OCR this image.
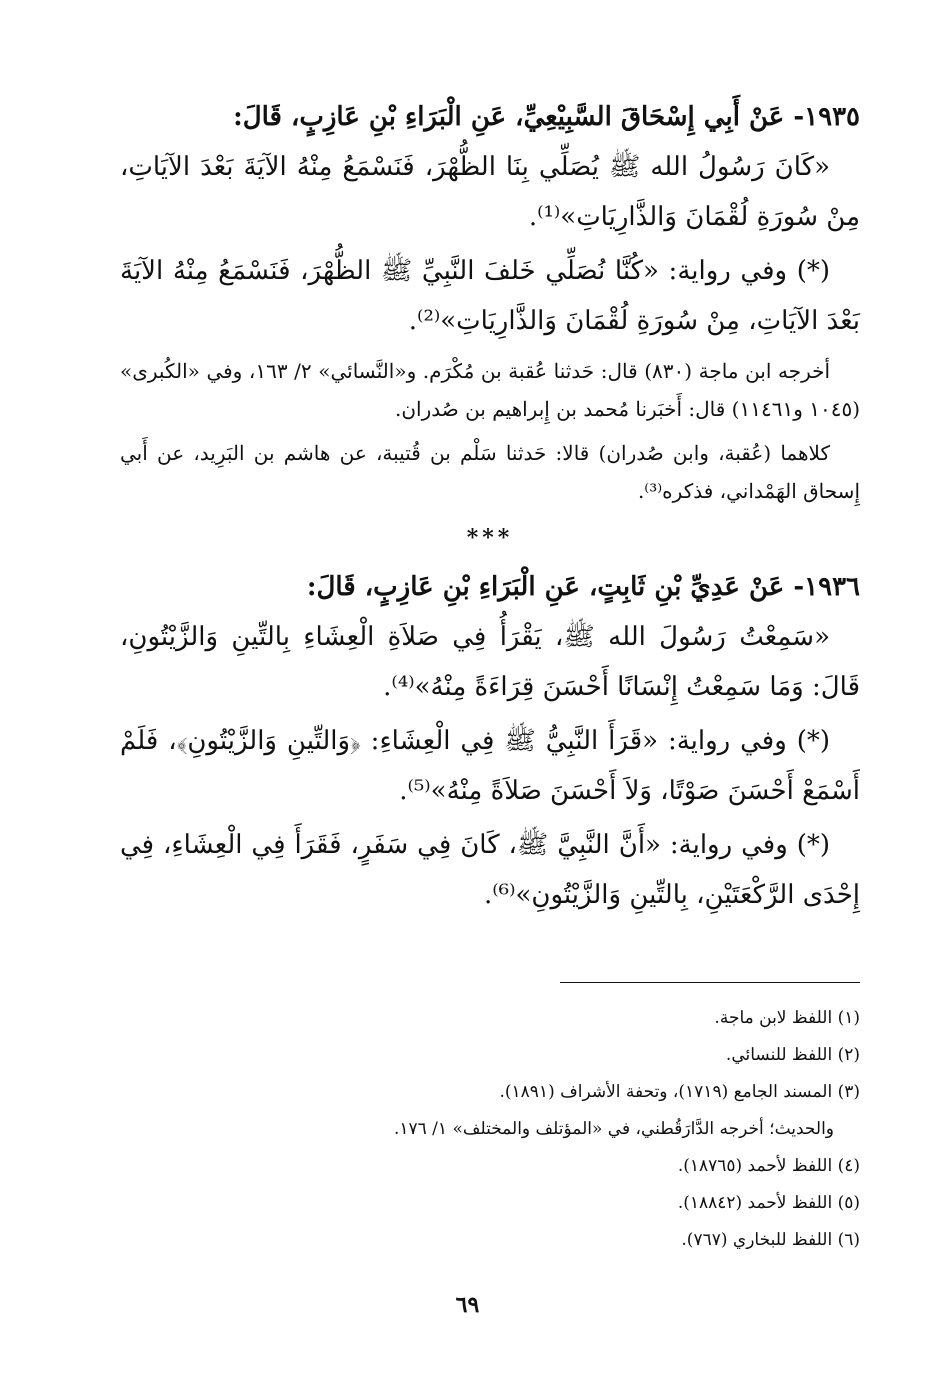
١٩٣٥- عَنْ أَبِي إِسْحَاقَ السَّبِيْعِيِّ، عَنِ الْبَرَاءِ بْنِ عَازِبٍ، قَالَ:

«كَانَ رَسُولُ الله ﷺ يُصَلِّي بِنَا الظُّهْرَ، فَنَسْمَعُ مِنْهُ الآيَةَ بَعْدَ الآيَاتِ، مِنْ سُورَةِ لُقْمَانَ وَالذَّارِيَاتِ»⁽¹⁾.

(*) وفي رواية: «كُنَّا نُصَلِّي خَلفَ النَّبِيِّ ﷺ الظُّهْرَ، فَنَسْمَعُ مِنْهُ الآيَةَ بَعْدَ الآيَاتِ، مِنْ سُورَةِ لُقْمَانَ وَالذَّارِيَاتِ»⁽²⁾.

أخرجه ابن ماجة (٨٣٠) قال: حَدثنا عُقبة بن مُكْرَم. و«النَّسائي» ٢/ ١٦٣، وفي «الكُبرى» (١٠٤٥ و١١٤٦١) قال: أَخبَرنا مُحمد بن إِبراهيم بن صُدران.

كلاهما (عُقبة، وابن صُدران) قالا: حَدثنا سَلْم بن قُتيبة، عن هاشم بن البَرِيد، عن أَبي إِسحاق الهَمْداني، فذكره⁽³⁾.

***

١٩٣٦- عَنْ عَدِيِّ بْنِ ثَابِتٍ، عَنِ الْبَرَاءِ بْنِ عَازِبٍ، قَالَ:

«سَمِعْتُ رَسُولَ الله ﷺ، يَقْرَأُ فِي صَلاَةِ الْعِشَاءِ بِالتِّينِ وَالزَّيْتُونِ، قَالَ: وَمَا سَمِعْتُ إِنْسَانًا أَحْسَنَ قِرَاءَةً مِنْهُ»⁽⁴⁾.

(*) وفي رواية: «قَرَأَ النَّبِيُّ ﷺ فِي الْعِشَاءِ: ﴿وَالتِّينِ وَالزَّيْتُونِ﴾، فَلَمْ أَسْمَعْ أَحْسَنَ صَوْتًا، وَلاَ أَحْسَنَ صَلاَةً مِنْهُ»⁽⁵⁾.

(*) وفي رواية: «أَنَّ النَّبِيَّ ﷺ، كَانَ فِي سَفَرٍ، فَقَرَأَ فِي الْعِشَاءِ، فِي إِحْدَى الرَّكْعَتَيْنِ، بِالتِّينِ وَالزَّيْتُونِ»⁽⁶⁾.

(١) اللفظ لابن ماجة.

(٢) اللفظ للنسائي.

(٣) المسند الجامع (١٧١٩)، وتحفة الأشراف (١٨٩١).

والحديث؛ أخرجه الدَّارَقُطني، في «المؤتلف والمختلف» ١/ ١٧٦.

(٤) اللفظ لأحمد (١٨٧٦٥).

(٥) اللفظ لأحمد (١٨٨٤٢).

(٦) اللفظ للبخاري (٧٦٧).

٦٩
